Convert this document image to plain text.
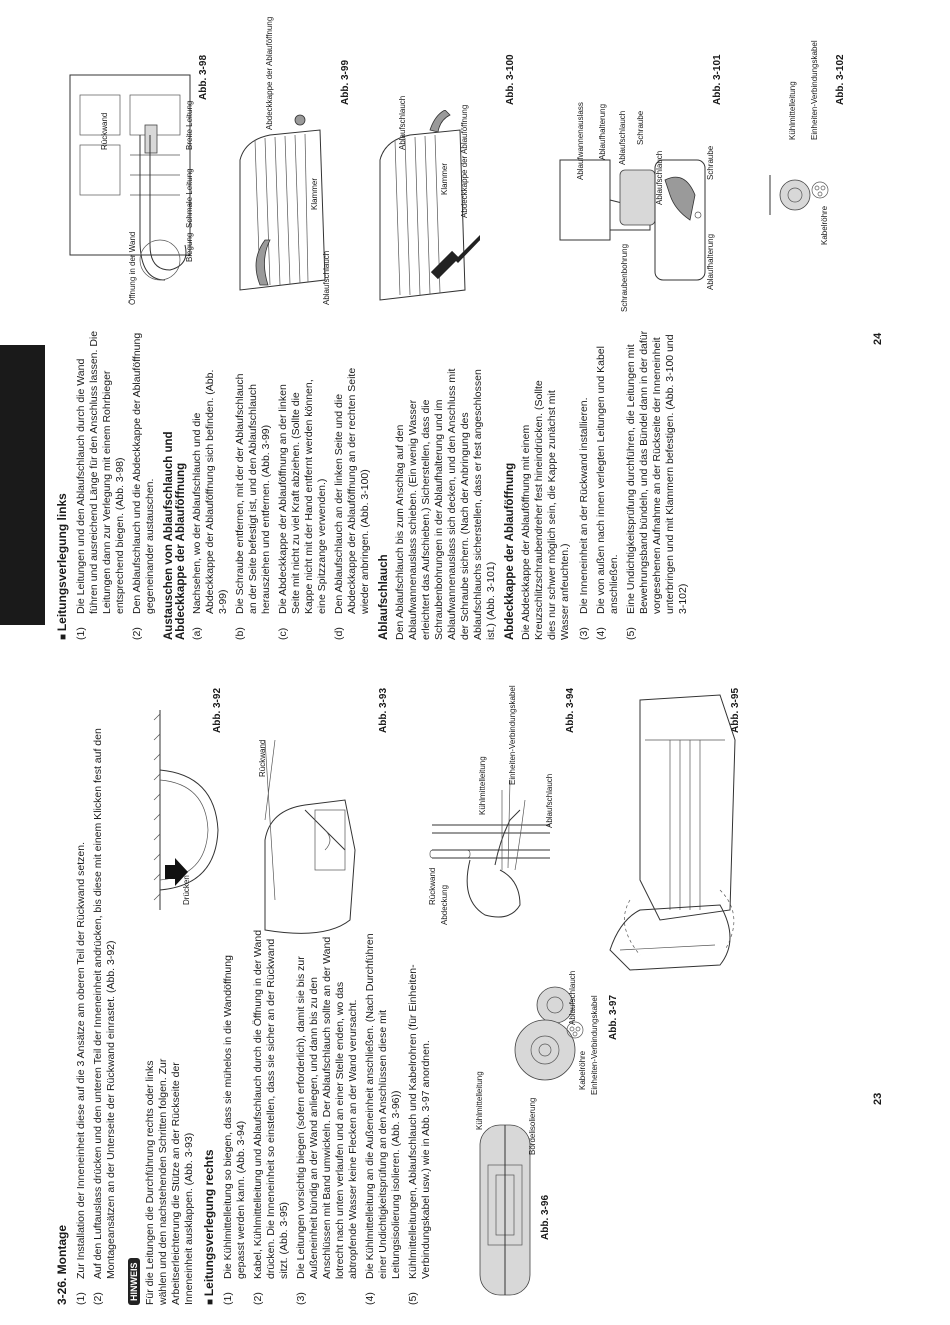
3-26. Montage (1)
Zur Installation der Inneneinheit diese auf die 3 Ansätze am oberen Teil der Rückwand setzen.
(2)
Auf den Luftauslass drücken und den unteren Teil der Inneneinheit andrücken, bis diese mit einem Klicken fest auf den Montageansätzen an der Unterseite der Rückwand einrastet. (Abb. 3-92)
HINWEIS Für die Leitungen die Durchführung rechts oder links wählen und den nachstehenden Schritten folgen. Zur Arbeitserleichterung die Stütze an der Rückseite der Inneneinheit ausklappen. (Abb. 3-93)

■ Leitungsverlegung rechts
(1)
Die Kühlmittelleitung so biegen, dass sie mühelos in die Wandöffnung gepasst werden kann. (Abb. 3-94)
(2)
Kabel, Kühlmittelleitung und Ablaufschlauch durch die Öffnung in der Wand drücken. Die Inneneinheit so einstellen, dass sie sicher an der Rückwand sitzt. (Abb. 3-95)
(3)
Die Leitungen vorsichtig biegen (sofern erforderlich), damit sie bis zur Außeneinheit bündig an der Wand anliegen, und dann bis zu den Anschlüssen mit Band umwickeln. Der Ablaufschlauch sollte an der Wand lotrecht nach unten verlaufen und an einer Stelle enden, wo das abtropfende Wasser keine Flecken an der Wand verursacht.
(4)
Die Kühlmittelleitung an die Außeneinheit anschließen. (Nach Durchführen einer Undichtigkeitsprüfung an den Anschlüssen diese mit Leitungsisolierung isolieren. (Abb. 3-96))
(5)
Kühlmittelleitungen, Ablaufschlauch und Kabelrohren (für Einheiten-Verbindungskabel usw.) wie in Abb. 3-97 anordnen.	23
Drücken
Abb. 3-92
Rückwand
Abb. 3-93
Rückwand Abdeckung
Kühlmittelleitung
Einheiten-Verbindungskabel
Ablaufschlauch
Abb. 3-94	Abb. 3-95
Bördelisolierung
Kühlmittelleitung
Abb. 3-96
Ablaufschlauch
Kabelröhre Einheiten-Verbindungskabel Abb. 3-97
■ Leitungsverlegung links
(1)
Die Leitungen und den Ablaufschlauch durch die Wand führen und ausreichend Länge für den Anschluss lassen. Die Leitungen dann zur Verlegung mit einem Rohrbieger entsprechend biegen. (Abb. 3-98)
(2)
Den Ablaufschlauch und die Abdeckkappe der Ablauföffnung gegeneinander austauschen. Austauschen von Ablaufschlauch und Abdeckkappe der Ablauföffnung (a)
Nachsehen, wo der Ablaufschlauch und die Abdeckkappe der Ablauföffnung sich befinden. (Abb. 3-99)
(b)
Die Schraube entfernen, mit der der Ablaufschlauch an der Seite befestigt ist, und den Ablaufschlauch herausziehen und entfernen. (Abb. 3-99)
(c)
Die Abdeckkappe der Ablauföffnung an der linken Seite mit nicht zu viel Kraft abziehen. (Sollte die Kappe nicht mit der Hand entfernt werden können, eine Spitzzange verwenden.)
(d)
Den Ablaufschlauch an der linken Seite und die Abdeckkappe der Ablauföffnung an der rechten Seite wieder anbringen. (Abb. 3-100) Ablaufschlauch Den Ablaufschlauch bis zum Anschlag auf den Ablaufwannenauslass schieben. (Ein wenig Wasser erleichtert das Aufschieben.) Sicherstellen, dass die Schraubenbohrungen in der Ablaufhalterung und im Ablaufwannenauslass sich decken, und den Anschluss mit der Schraube sichern. (Nach der Anbringung des Ablaufschlauchs sicherstellen, dass er fest angeschlossen ist.) (Abb. 3-101) Abdeckkappe der Ablauföffnung Die Abdeckkappe der Ablauföffnung mit einem Kreuzschlitzschraubendreher fest hineindrücken. (Sollte dies nur schwer möglich sein, die Kappe zunächst mit Wasser anfeuchten.) (3)
Die Inneneinheit an der Rückwand installieren.
(4)
Die von außen nach innen verlegten Leitungen und Kabel anschließen.
(5)
Eine Undichtigkeitsprüfung durchführen, die Leitungen mit Bewehrungsband bündeln, und das Bündel dann in der dafür vorgesehenen Aufnahme an der Rückseite der Inneneinheit unterbringen und mit Klammern befestigen. (Abb. 3-100 und 3-102)
24
Öffnung in der Wand	Biegung
Schmale Leitung
Breite Leitung
Rückwand
Abb. 3-98	Abdeckkappe der Ablauföffnung
Klammer
Ablaufschlauch
Abb. 3-99
Ablaufschlauch
Klammer Abdeckkappe der Ablauföffnung
Abb. 3-100
Ablaufwannenauslass Ablaufhalterung Ablaufschlauch Schraube
Schraubenbohrung
Ablaufschlauch	Schraube
Ablaufhalterung
Abb. 3-101
Kühlmittelleitung Einheiten-Verbindungskabel
Kabelröhre
Abb. 3-102
